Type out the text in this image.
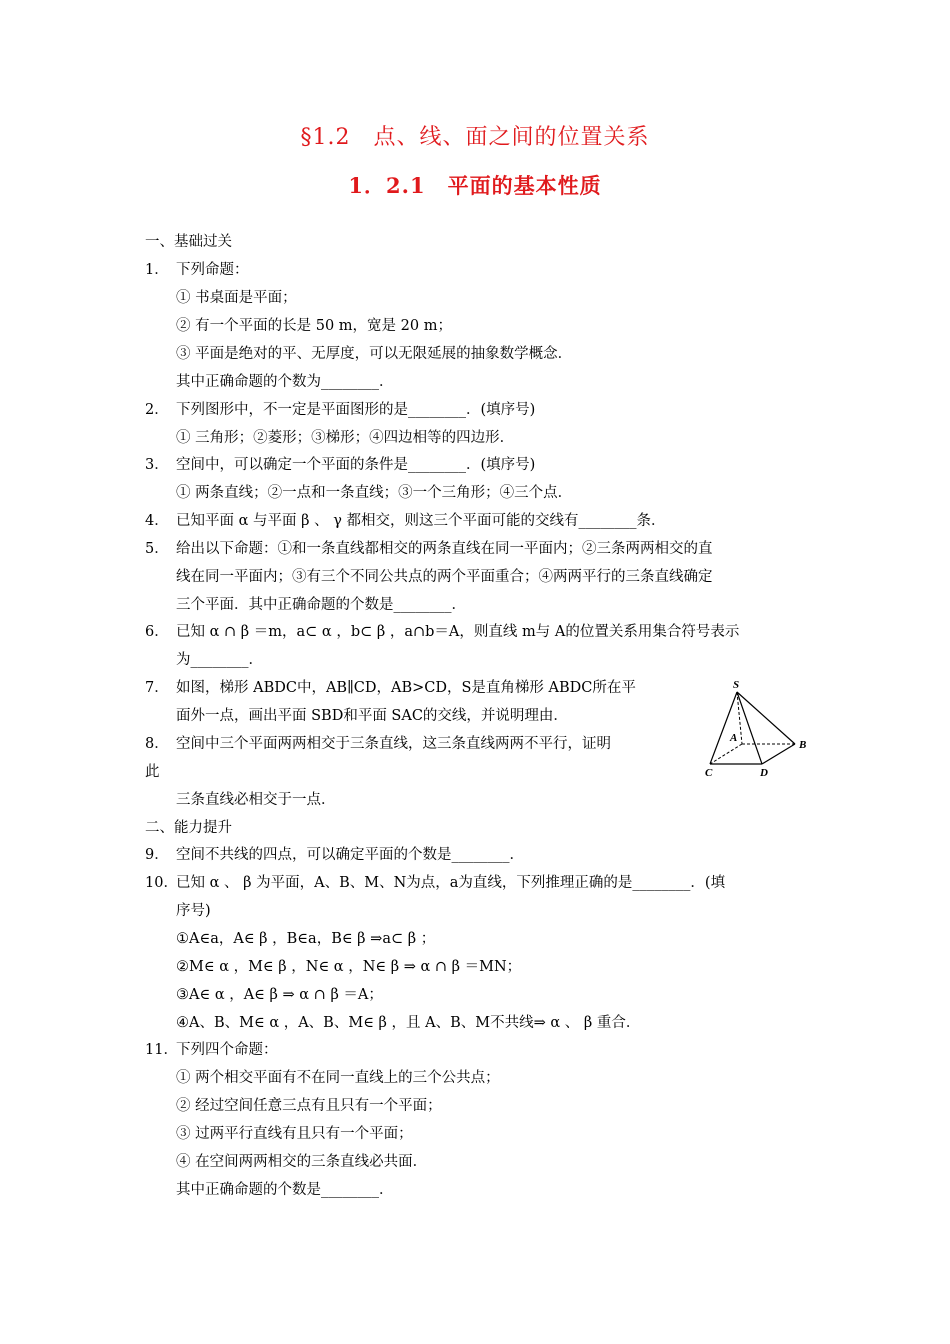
§1.2　点、线、面之间的位置关系
1．2.1　平面的基本性质
一、基础过关
1． 下列命题：
① 书桌面是平面；
② 有一个平面的长是 50 m，宽是 20 m；
③ 平面是绝对的平、无厚度，可以无限延展的抽象数学概念．
其中正确命题的个数为________．
2． 下列图形中，不一定是平面图形的是________．(填序号)
① 三角形；②菱形；③梯形；④四边相等的四边形．
3． 空间中，可以确定一个平面的条件是________．(填序号)
① 两条直线；②一点和一条直线；③一个三角形；④三个点．
4． 已知平面 α 与平面 β 、 γ 都相交，则这三个平面可能的交线有________条．
5． 给出以下命题：①和一条直线都相交的两条直线在同一平面内；②三条两两相交的直
线在同一平面内；③有三个不同公共点的两个平面重合；④两两平行的三条直线确定
三个平面．其中正确命题的个数是________．
6． 已知 α ∩ β ＝m，a⊂ α ，b⊂ β ，a∩b＝A，则直线 m与 A的位置关系用集合符号表示
为________．
7． 如图，梯形 ABDC中，AB∥CD，AB>CD，S是直角梯形 ABDC所在平
面外一点，画出平面 SBD和平面 SAC的交线，并说明理由．
8． 空间中三个平面两两相交于三条直线，这三条直线两两不平行，证明
此
三条直线必相交于一点．
S
A
B
C	D
二、能力提升
9． 空间不共线的四点，可以确定平面的个数是________．
10．已知 α 、 β 为平面，A、B、M、N为点，a为直线，下列推理正确的是________．(填
序号)
①A∈a，A∈ β ，B∈a，B∈ β ⇒a⊂ β ；
②M∈ α ，M∈ β ，N∈ α ，N∈ β ⇒ α ∩ β ＝MN；
③A∈ α ，A∈ β ⇒ α ∩ β ＝A；
④A、B、M∈ α ，A、B、M∈ β ，且 A、B、M不共线⇒ α 、 β 重合．
11．下列四个命题：
① 两个相交平面有不在同一直线上的三个公共点；
② 经过空间任意三点有且只有一个平面；
③ 过两平行直线有且只有一个平面；
④ 在空间两两相交的三条直线必共面．
其中正确命题的个数是________．
